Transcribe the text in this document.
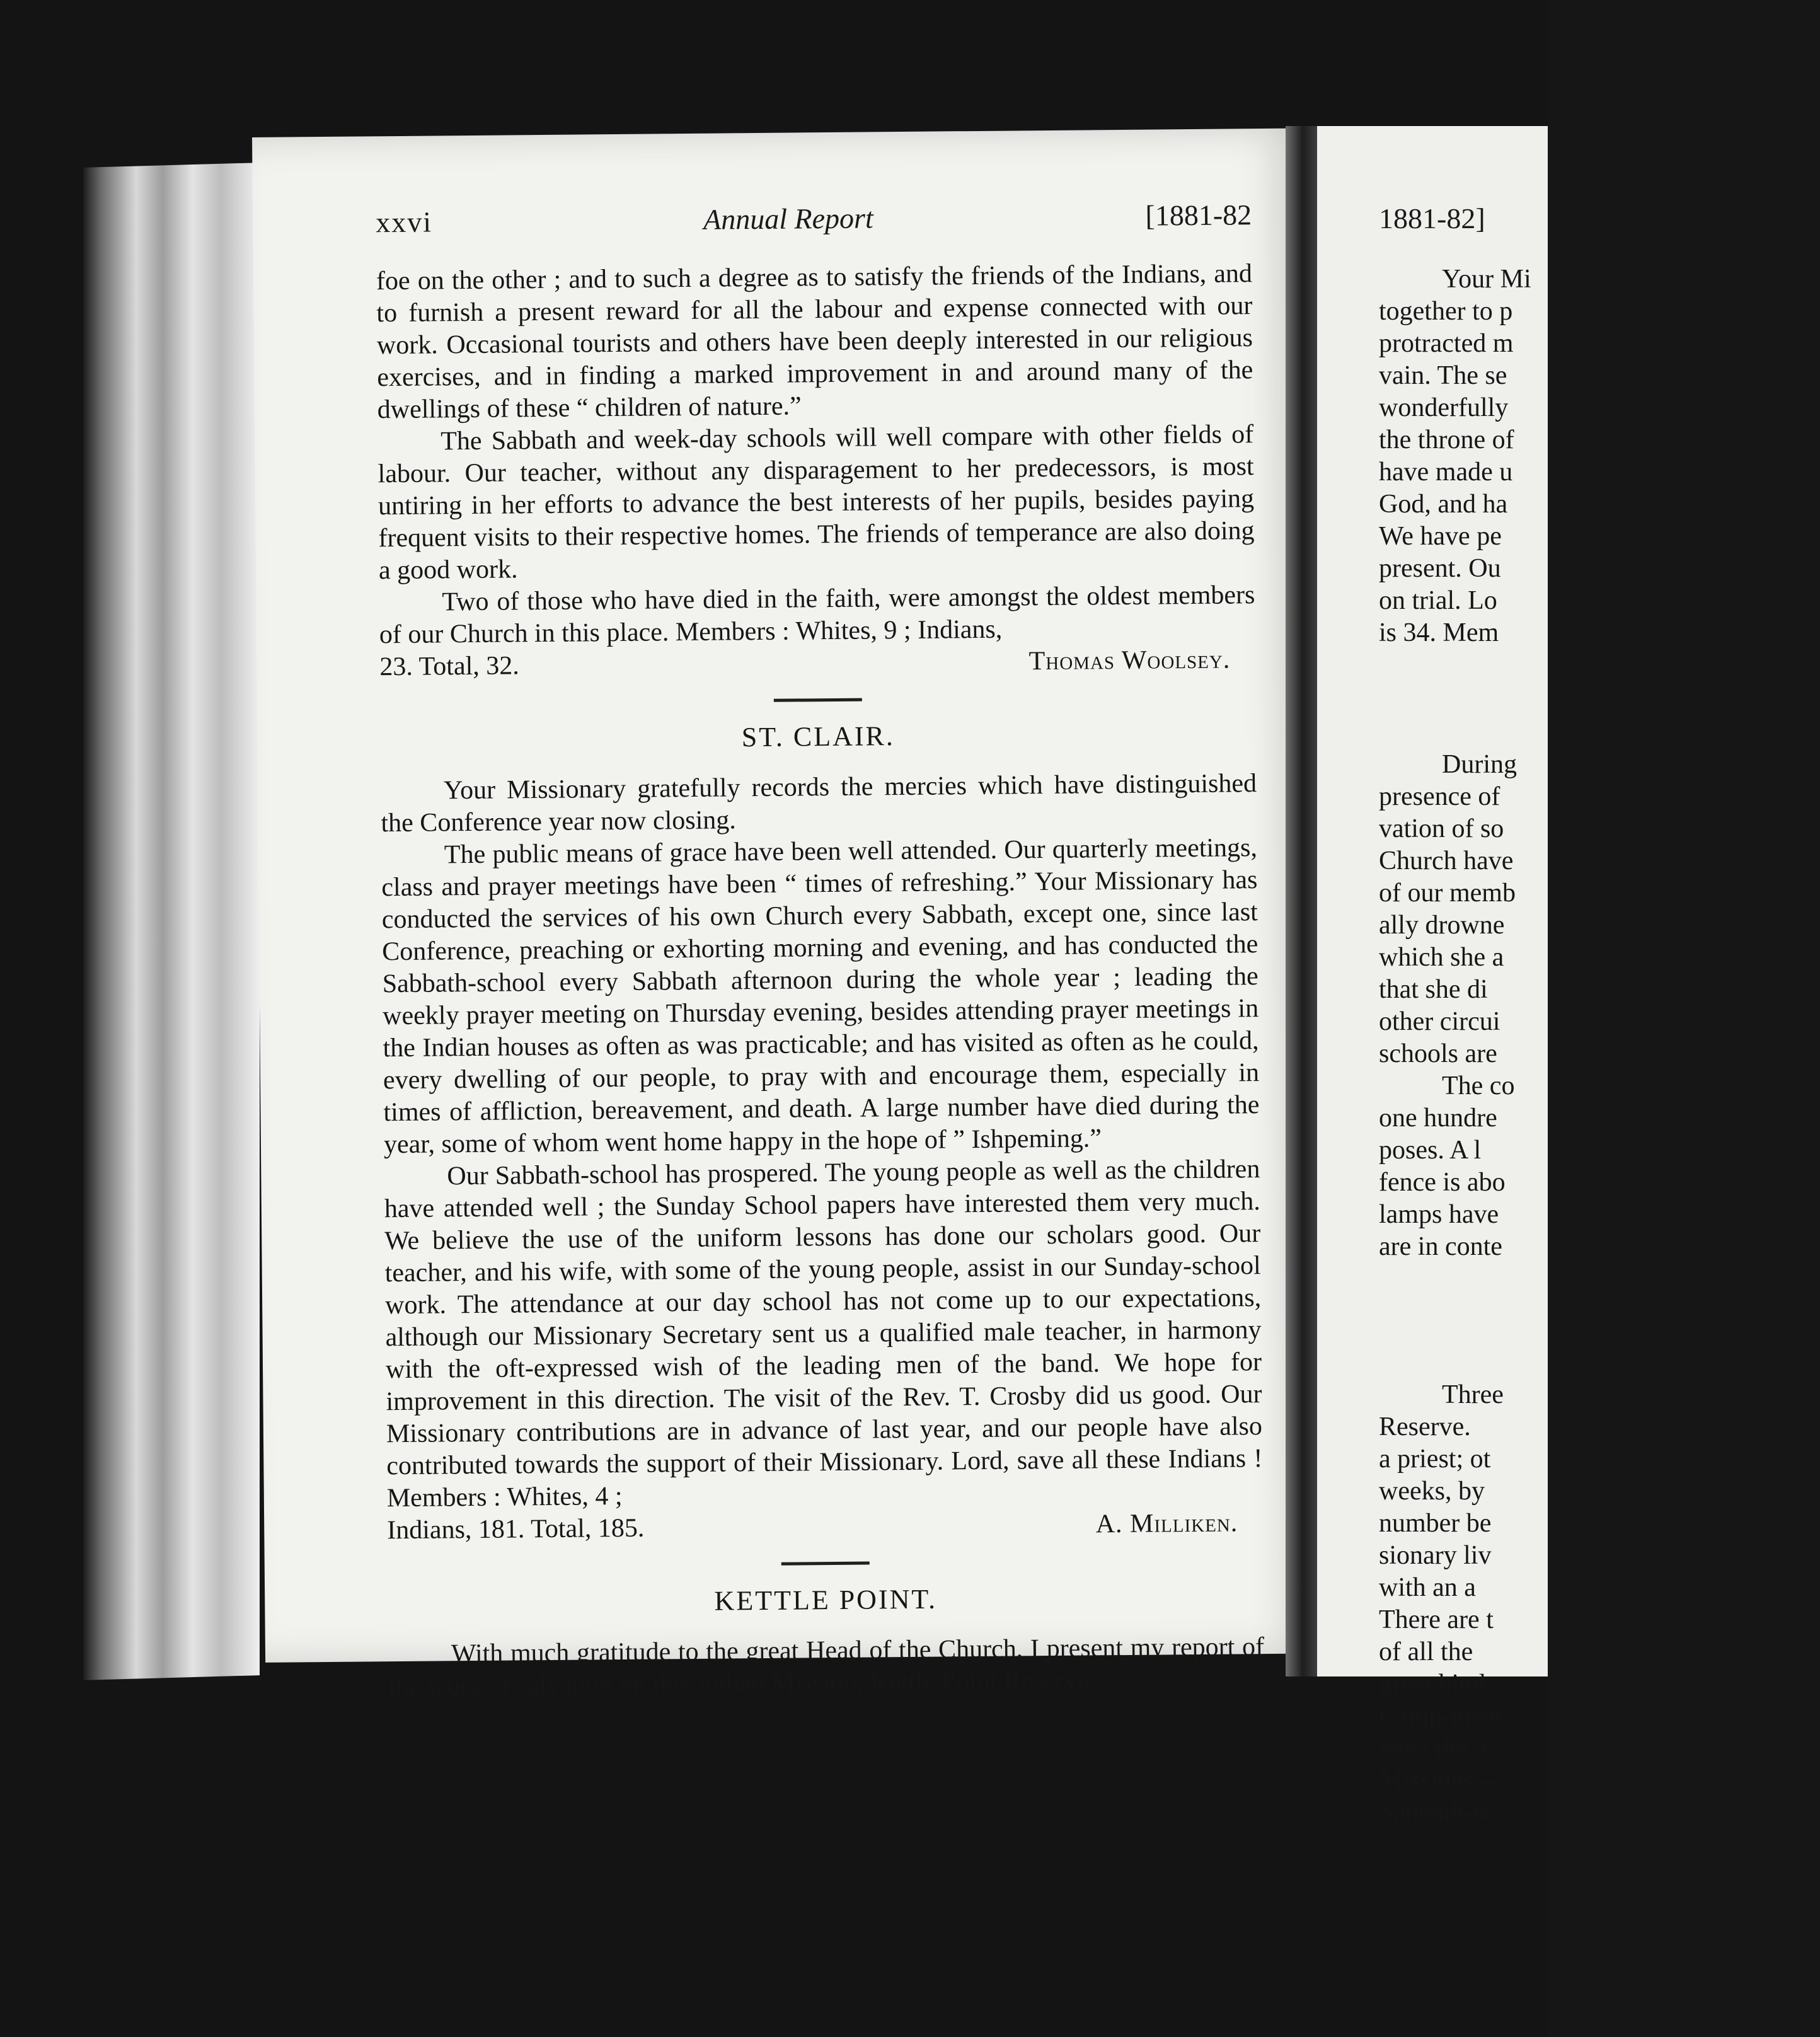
xxvi	Annual Report	[1881-82

foe on the other ; and to such a degree as to satisfy the friends of the Indians, and to furnish a present reward for all the labour and expense connected with our work. Occasional tourists and others have been deeply interested in our religious exercises, and in finding a marked improvement in and around many of the dwellings of these “ children of nature.”

The Sabbath and week-day schools will well compare with other fields of labour. Our teacher, without any disparagement to her predecessors, is most untiring in her efforts to advance the best interests of her pupils, besides paying frequent visits to their respective homes. The friends of temperance are also doing a good work.

Two of those who have died in the faith, were amongst the oldest members of our Church in this place. Members : Whites, 9 ; Indians,

23. Total, 32.	Thomas Woolsey.
ST. CLAIR.

Your Missionary gratefully records the mercies which have distinguished the Conference year now closing.

The public means of grace have been well attended. Our quarterly meetings, class and prayer meetings have been “ times of refreshing.” Your Missionary has conducted the services of his own Church every Sabbath, except one, since last Conference, preaching or exhorting morning and evening, and has conducted the Sabbath-school every Sabbath afternoon during the whole year ; leading the weekly prayer meeting on Thursday evening, besides attending prayer meetings in the Indian houses as often as was practicable; and has visited as often as he could, every dwelling of our people, to pray with and encourage them, especially in times of affliction, bereavement, and death. A large number have died during the year, some of whom went home happy in the hope of ” Ishpeming.”

Our Sabbath-school has prospered. The young people as well as the children have attended well ; the Sunday School papers have interested them very much. We believe the use of the uniform lessons has done our scholars good. Our teacher, and his wife, with some of the young people, assist in our Sunday-school work. The attendance at our day school has not come up to our expectations, although our Missionary Secretary sent us a qualified male teacher, in harmony with the oft-expressed wish of the leading men of the band. We hope for improvement in this direction. The visit of the Rev. T. Crosby did us good. Our Missionary contributions are in advance of last year, and our people have also contributed towards the support of their Missionary. Lord, save all these Indians ! Members : Whites, 4 ;

Indians, 181. Total, 185.	A. Milliken.
KETTLE POINT.

With much gratitude to the great Head of the Church, I present my report of the work of salvation on this Indian Mission, Kettle Point Reserve.

1881-82]
Your Mi
together to p
protracted m
vain. The se
wonderfully
the throne of
have made u
God, and ha
We have pe
present. Ou
on trial. Lo
is 34. Mem
During
presence of
vation of so
Church have
of our memb
ally drowne
which she a
that she di
other circui
schools are
The co
one hundre
poses. A l
fence is abo
lamps have
are in conte
Three
Reserve.
a priest; ot
weeks, by
number be
sionary liv
with an a
There are t
of all the
great hind
Camp-meet
been the b
Missions—
Sabbath-sc
